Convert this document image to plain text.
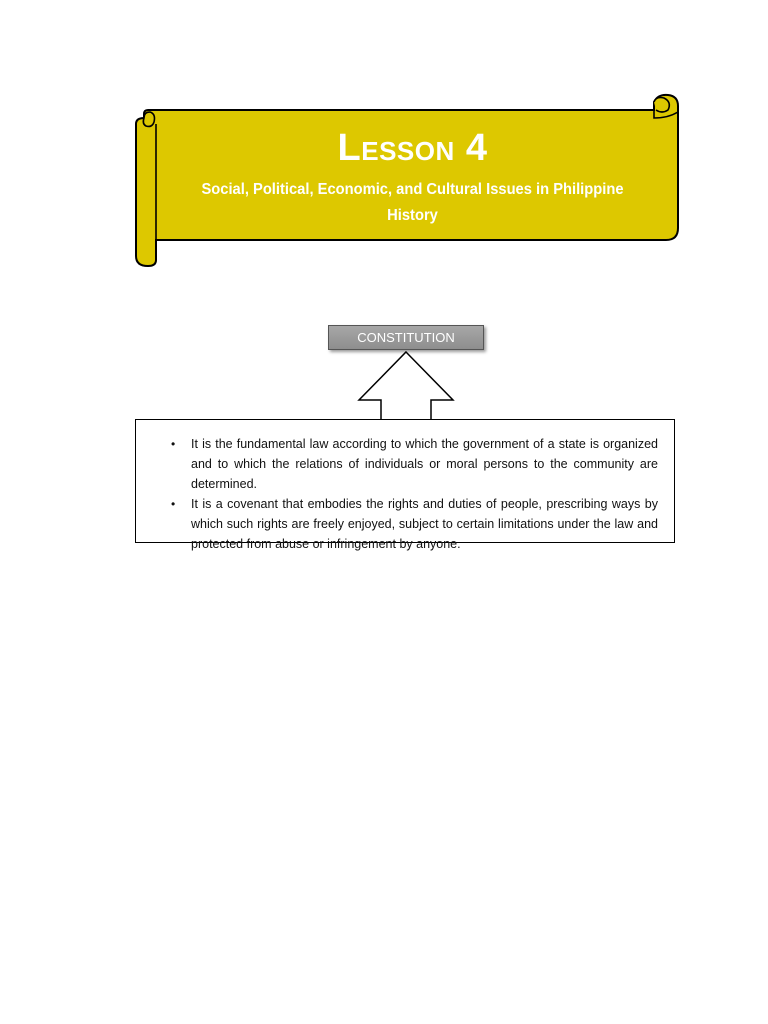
LESSON 4
Social, Political, Economic, and Cultural Issues in Philippine History
CONSTITUTION
• It is the fundamental law according to which the government of a state is organized and to which the relations of individuals or moral persons to the community are determined.
• It is a covenant that embodies the rights and duties of people, prescribing ways by which such rights are freely enjoyed, subject to certain limitations under the law and protected from abuse or infringement by anyone.
